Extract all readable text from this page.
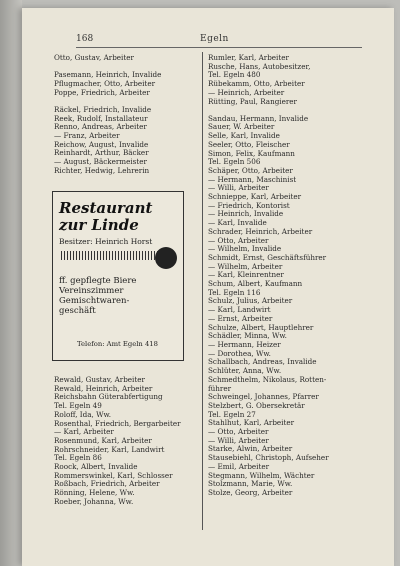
168	Egeln
Otto, Gustav, Arbeiter
Pasemann, Heinrich, Invalide
Pflugmacher, Otto, Arbeiter
Poppe, Friedrich, Arbeiter
Räckel, Friedrich, Invalide
Reek, Rudolf, Installateur
Renno, Andreas, Arbeiter
— Franz, Arbeiter
Reichow, August, Invalide
Reinhardt, Arthur, Bäcker
— August, Bäckermeister
Richter, Hedwig, Lehrerin
Restaurant
zur Linde
Besitzer: Heinrich Horst
ff. gepflegte Biere
Vereinszimmer
Gemischtwaren-
geschäft
Telefon: Amt Egeln 418
Rewald, Gustav, Arbeiter
Rewald, Heinrich, Arbeiter
Reichsbahn Güterabfertigung
Tel. Egeln 49
Roloff, Ida, Ww.
Rosenthal, Friedrich, Bergarbeiter
— Karl, Arbeiter
Rosenmund, Karl, Arbeiter
Rohrschneider, Karl, Landwirt
Tel. Egeln 86
Roock, Albert, Invalide
Rommerswinkel, Karl, Schlosser
Roßbach, Friedrich, Arbeiter
Rönning, Helene, Ww.
Roeber, Johanna, Ww.
Rumler, Karl, Arbeiter
Rusche, Hans, Autobesitzer,
Tel. Egeln 480
Rübekamm, Otto, Arbeiter
— Heinrich, Arbeiter
Rütting, Paul, Rangierer
Sandau, Hermann, Invalide
Sauer, W. Arbeiter
Selle, Karl, Invalide
Seeler, Otto, Fleischer
Simon, Felix, Kaufmann
Tel. Egeln 506
Schäper, Otto, Arbeiter
— Hermann, Maschinist
— Willi, Arbeiter
Schnieppe, Karl, Arbeiter
— Friedrich, Kontorist
— Heinrich, Invalide
— Karl, Invalide
Schrader, Heinrich, Arbeiter
— Otto, Arbeiter
— Wilhelm, Invalide
Schmidt, Ernst, Geschäftsführer
— Wilhelm, Arbeiter
— Karl, Kleinrentner
Schum, Albert, Kaufmann
Tel. Egeln 116
Schulz, Julius, Arbeiter
— Karl, Landwirt
— Ernst, Arbeiter
Schulze, Albert, Hauptlehrer
Schädler, Minna, Ww.
— Hermann, Heizer
— Dorothea, Ww.
Schallbach, Andreas, Invalide
Schlüter, Anna, Ww.
Schmedthelm, Nikolaus, Rotten-
führer
Schweingel, Johannes, Pfarrer
Stelzbert, G. Obersekretär
Tel. Egeln 27
Stahlhut, Karl, Arbeiter
— Otto, Arbeiter
— Willi, Arbeiter
Starke, Alwin, Arbeiter
Stausebiehl, Christoph, Aufseher
— Emil, Arbeiter
Stegmann, Wilhelm, Wächter
Stolzmann, Marie, Ww.
Stolze, Georg, Arbeiter
